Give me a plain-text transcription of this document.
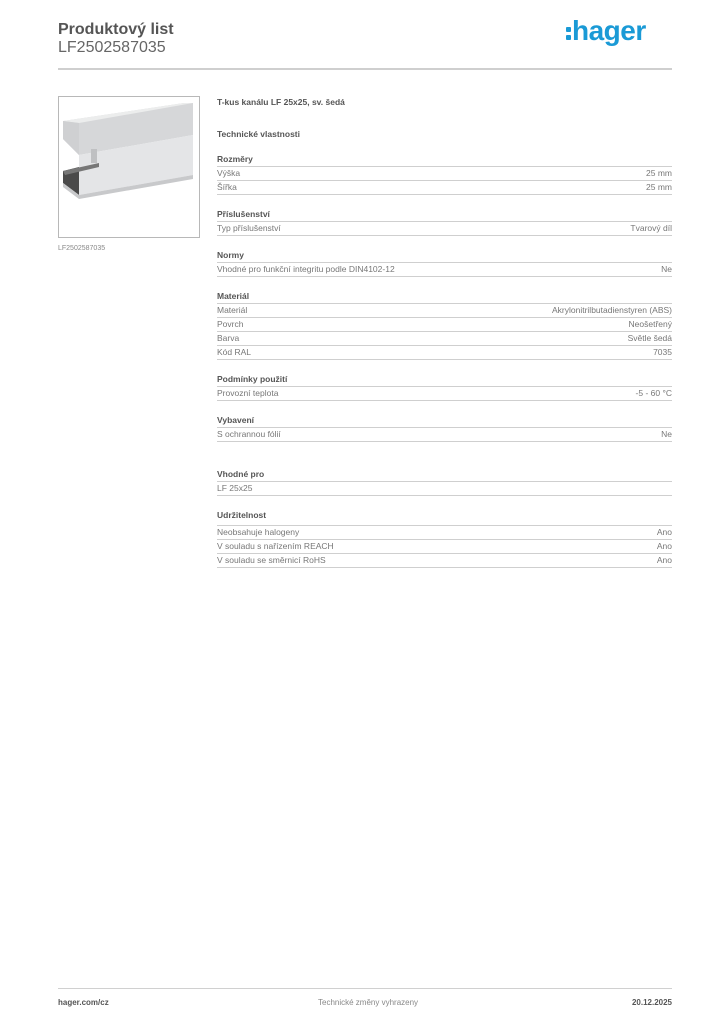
Produktový list
LF2502587035
hager
LF2502587035
T-kus kanálu LF 25x25, sv. šedá
Technické vlastnosti
Rozměry
Výška	25 mm
Šířka	25 mm
Příslušenství
Typ příslušenství	Tvarový díl
Normy
Vhodné pro funkční integritu podle DIN4102-12	Ne
Materiál
Materiál	Akrylonitrilbutadienstyren (ABS)
Povrch	Neošetřený
Barva	Světle šedá
Kód RAL	7035
Podmínky použití
Provozní teplota	-5 - 60 °C
Vybavení
S ochrannou fólií	Ne
Vhodné pro
LF 25x25
Udržitelnost
Neobsahuje halogeny	Ano
V souladu s nařízením REACH	Ano
V souladu se směrnicí RoHS	Ano
hager.com/cz	Technické změny vyhrazeny	20.12.2025
